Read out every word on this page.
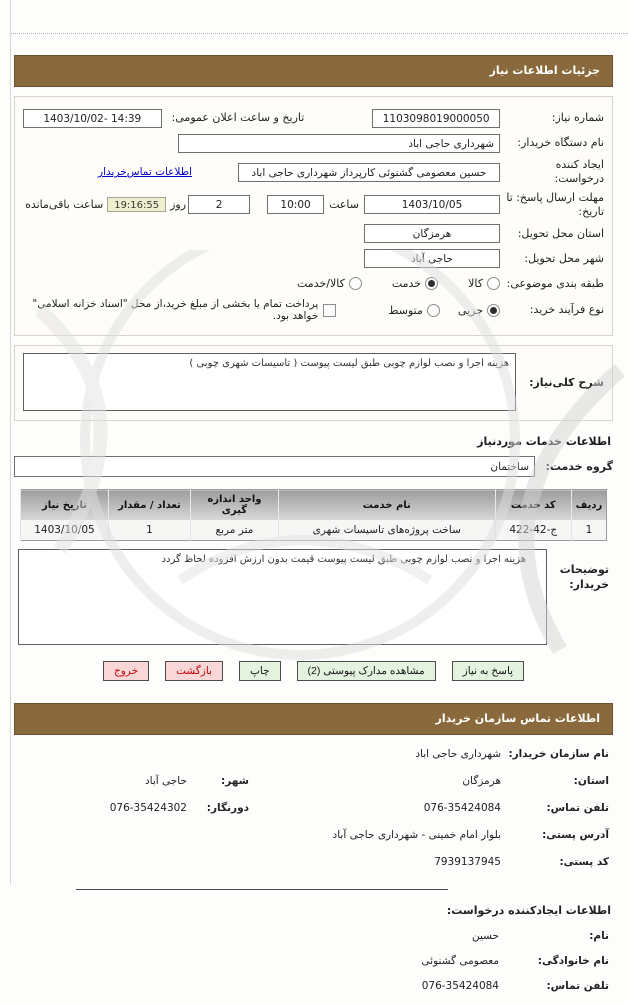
جزئیات اطلاعات نیاز
شماره نیاز:
1103098019000050
تاریخ و ساعت اعلان عمومی:
1403/10/02- 14:39
نام دستگاه خریدار:
شهرداری حاجی اباد
ایجاد کننده درخواست:
حسین معصومی گشنوئی کارپرداز شهرداری حاجی اباد
اطلاعات تماس‌خریدار
مهلت ارسال پاسخ: تا تاریخ:
1403/10/05
ساعت
10:00
2
روز
19:16:55
ساعت باقی‌مانده
استان محل تحویل:
هرمزگان
شهر محل تحویل:
حاجی آباد
طبقه بندی موضوعی:
کالا
خدمت
کالا/خدمت
نوع فرآیند خرید:
جزیی
متوسط
پرداخت تمام یا بخشی از مبلغ خرید،از محل "اسناد خزانه اسلامی" خواهد بود.
شرح کلی‌نیاز:
هزینه اجرا و نصب لوازم چوبی طبق لیست پیوست ( تاسیسات شهری چوبی )
اطلاعات خدمات موردنیاز
گروه خدمت:
ساختمان
ردیف	کد خدمت	نام خدمت	واحد اندازه گیری	تعداد / مقدار	تاریخ نیاز
1	ج-42-422	ساخت پروژه‌های تاسیسات شهری	متر مربع	1	1403/10/05
توضیحات خریدار:
هزینه اجرا و نصب لوازم چوبی طبق لیست پیوست قیمت بدون ارزش افزوده لحاظ گردد
پاسخ به نیاز
مشاهده مدارک پیوستی (2)
چاپ
بازگشت
خروج
اطلاعات تماس سازمان خریدار
نام سازمان خریدار:
شهرداری حاجی اباد
استان:
هرمزگان
شهر:
حاجی آباد
تلفن تماس:
076-35424084
دورنگار:
076-35424302
آدرس پستی:
بلوار امام خمینی - شهرداری حاجی آباد
کد پستی:
7939137945
اطلاعات ایجادکننده درخواست:
نام:
حسین
نام خانوادگی:
معصومی گشنوئی
تلفن تماس:
076-35424084
